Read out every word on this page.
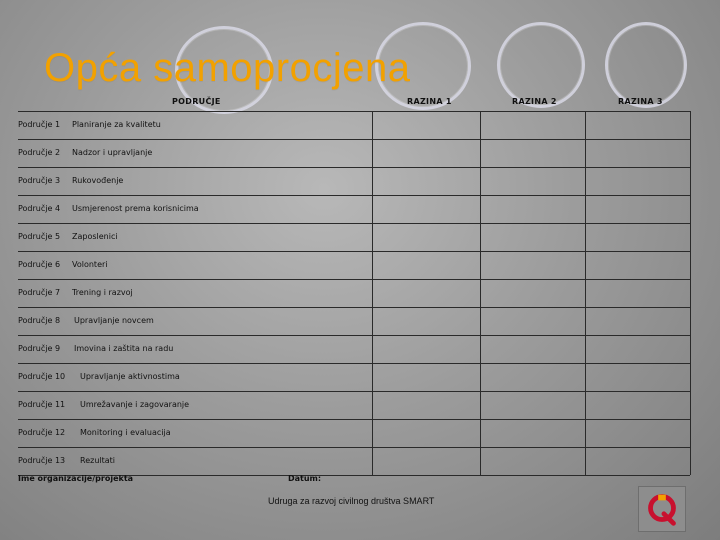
Opća samoprocjena
PODRUČJE	RAZINA 1	RAZINA 2	RAZINA 3
Područje 1 Planiranje za kvalitetu
Područje 2 Nadzor i upravljanje
Područje 3 Rukovođenje
Područje 4 Usmjerenost prema korisnicima
Područje 5 Zaposlenici
Područje 6 Volonteri
Područje 7 Trening i razvoj
Područje 8 Upravljanje novcem
Područje 9 Imovina i zaštita na radu
Područje 10 Upravljanje aktivnostima
Područje 11 Umrežavanje i zagovaranje
Područje 12 Monitoring i evaluacija
Područje 13 Rezultati
Ime organizacije/projekta	Datum:
Udruga za razvoj civilnog društva SMART
